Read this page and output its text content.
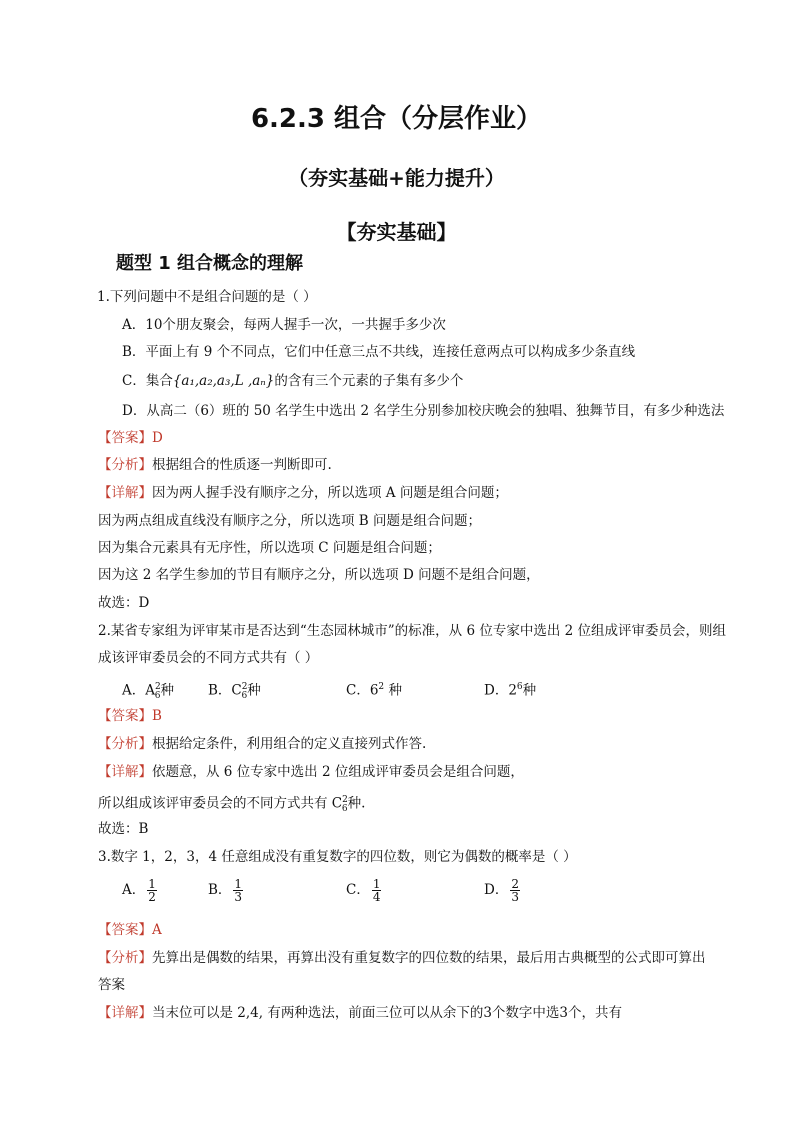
6.2.3 组合（分层作业）
（夯实基础+能力提升）
【夯实基础】
题型 1 组合概念的理解
1.下列问题中不是组合问题的是（ ）
A．10个朋友聚会，每两人握手一次，一共握手多少次
B．平面上有 9 个不同点，它们中任意三点不共线，连接任意两点可以构成多少条直线
C．集合{a₁,a₂,a₃,L ,aₙ}的含有三个元素的子集有多少个
D．从高二（6）班的 50 名学生中选出 2 名学生分别参加校庆晚会的独唱、独舞节目，有多少种选法
【答案】D
【分析】根据组合的性质逐一判断即可.
【详解】因为两人握手没有顺序之分，所以选项 A 问题是组合问题；
因为两点组成直线没有顺序之分，所以选项 B 问题是组合问题；
因为集合元素具有无序性，所以选项 C 问题是组合问题；
因为这 2 名学生参加的节目有顺序之分，所以选项 D 问题不是组合问题，
故选：D
2.某省专家组为评审某市是否达到“生态园林城市”的标准，从 6 位专家中选出 2 位组成评审委员会，则组
成该评审委员会的不同方式共有（ ）
A．$A^2_6$种	B．$C^2_6$种	C．$6^2$ 种	D．$2^6$种
【答案】B
【分析】根据给定条件，利用组合的定义直接列式作答.
【详解】依题意，从 6 位专家中选出 2 位组成评审委员会是组合问题，
所以组成该评审委员会的不同方式共有 $C^2_6$种.
故选：B
3.数字 1，2，3，4 任意组成没有重复数字的四位数，则它为偶数的概率是（ ）
A． $\frac{1}{2}$	B． $\frac{1}{3}$	C． $\frac{1}{4}$	D． $\frac{2}{3}$
【答案】A
【分析】先算出是偶数的结果，再算出没有重复数字的四位数的结果，最后用古典概型的公式即可算出
答案
【详解】当末位可以是 2,4, 有两种选法，前面三位可以从余下的3个数字中选3个，共有
